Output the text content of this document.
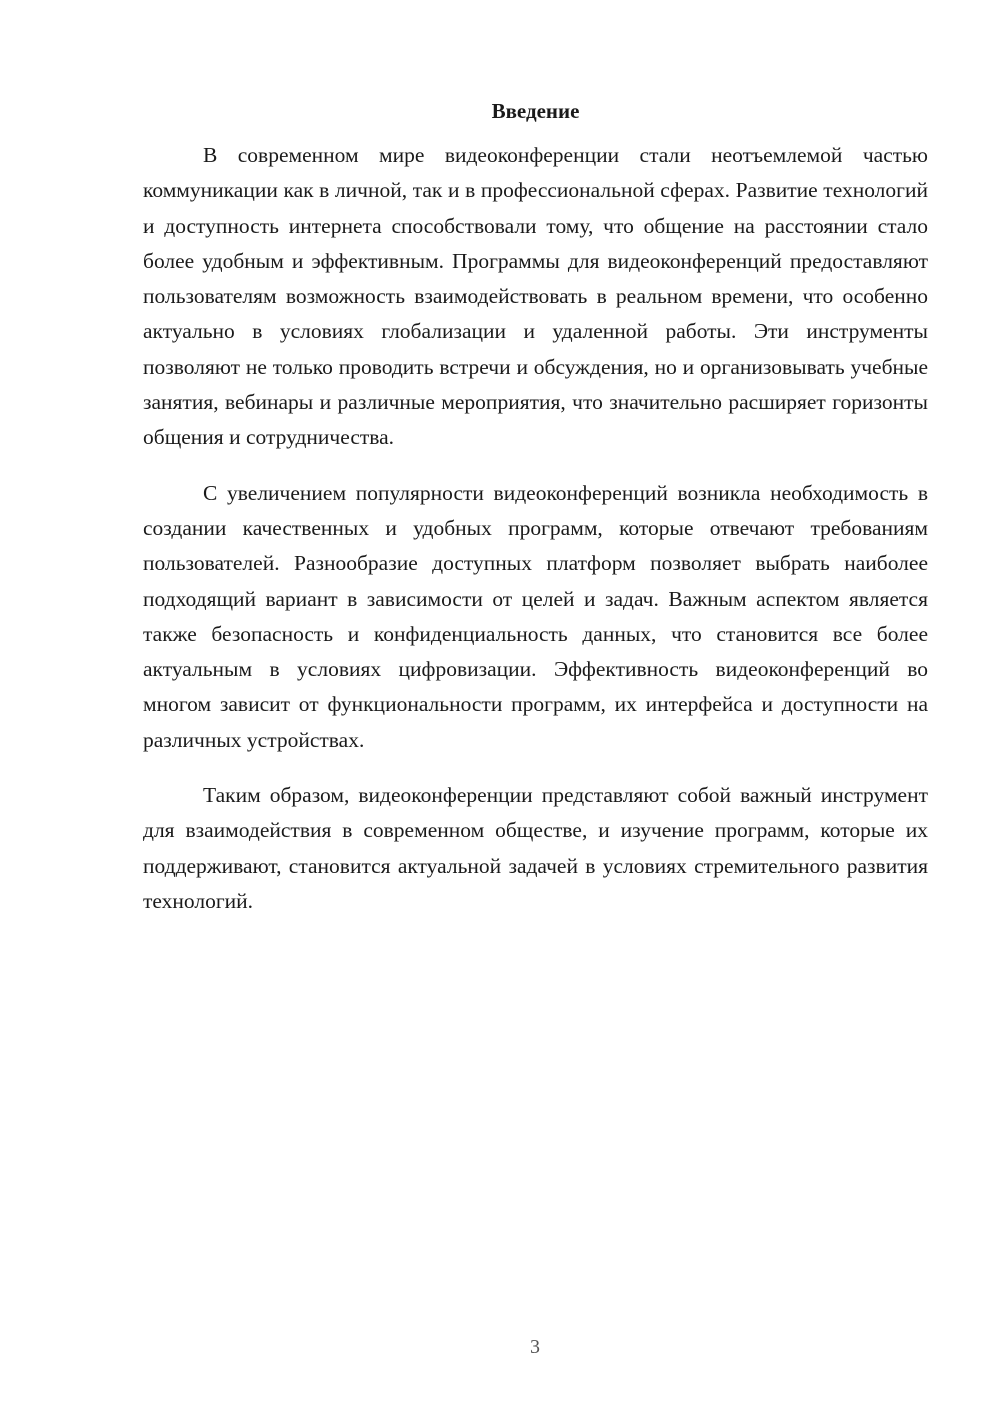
Введение

В современном мире видеоконференции стали неотъемлемой частью коммуникации как в личной, так и в профессиональной сферах. Развитие технологий и доступность интернета способствовали тому, что общение на расстоянии стало более удобным и эффективным. Программы для видеоконференций предоставляют пользователям возможность взаимодействовать в реальном времени, что особенно актуально в условиях глобализации и удаленной работы. Эти инструменты позволяют не только проводить встречи и обсуждения, но и организовывать учебные занятия, вебинары и различные мероприятия, что значительно расширяет горизонты общения и сотрудничества.

С увеличением популярности видеоконференций возникла необходимость в создании качественных и удобных программ, которые отвечают требованиям пользователей. Разнообразие доступных платформ позволяет выбрать наиболее подходящий вариант в зависимости от целей и задач. Важным аспектом является также безопасность и конфиденциальность данных, что становится все более актуальным в условиях цифровизации. Эффективность видеоконференций во многом зависит от функциональности программ, их интерфейса и доступности на различных устройствах.

Таким образом, видеоконференции представляют собой важный инструмент для взаимодействия в современном обществе, и изучение программ, которые их поддерживают, становится актуальной задачей в условиях стремительного развития технологий.

3
